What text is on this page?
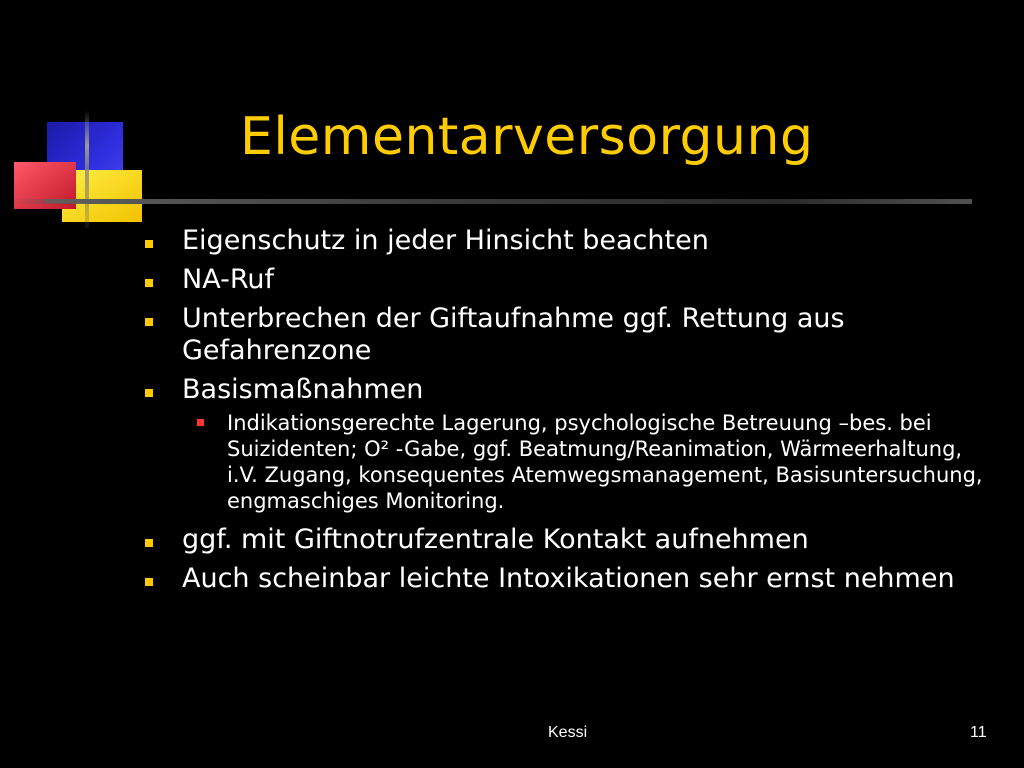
Elementarversorgung
Eigenschutz in jeder Hinsicht beachten
NA-Ruf
Unterbrechen der Giftaufnahme ggf. Rettung aus Gefahrenzone
Basismaßnahmen
Indikationsgerechte Lagerung, psychologische Betreuung –bes. bei Suizidenten; O² -Gabe, ggf. Beatmung/Reanimation, Wärmeerhaltung, i.V. Zugang, konsequentes Atemwegsmanagement, Basisuntersuchung, engmaschiges Monitoring.
ggf. mit Giftnotrufzentrale Kontakt aufnehmen
Auch scheinbar leichte Intoxikationen sehr ernst nehmen
Kessi	11
